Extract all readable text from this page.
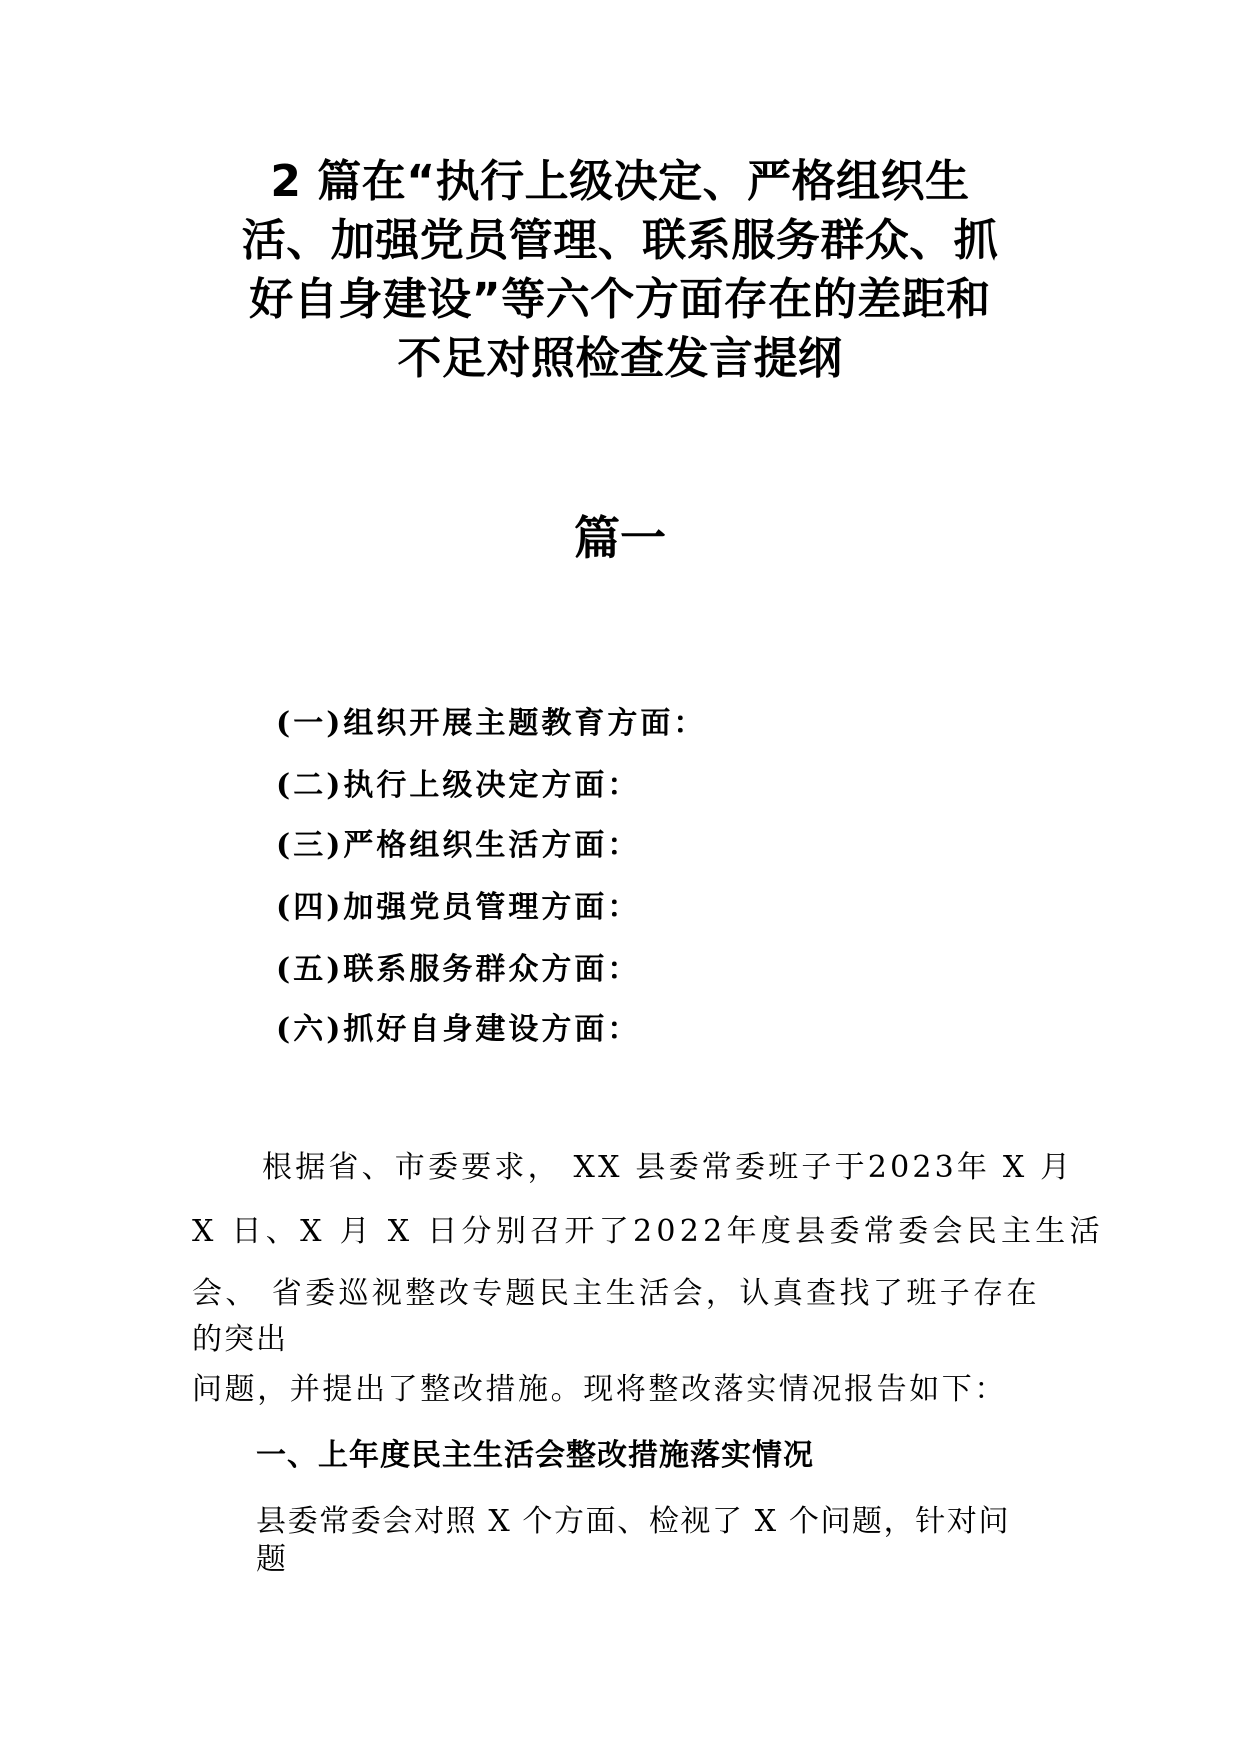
2 篇在“执行上级决定、严格组织生
活、加强党员管理、联系服务群众、抓
好自身建设”等六个方面存在的差距和
不足对照检查发言提纲
篇一
(一)组织开展主题教育方面：
(二)执行上级决定方面：
(三)严格组织生活方面：
(四)加强党员管理方面：
(五)联系服务群众方面：
(六)抓好自身建设方面：

根据省、市委要求， XX 县委常委班子于2023年 X 月

X 日、X 月 X 日分别召开了2022年度县委常委会民主生活

会、 省委巡视整改专题民主生活会，认真查找了班子存在

的突出

问题，并提出了整改措施。现将整改落实情况报告如下：

一、上年度民主生活会整改措施落实情况

县委常委会对照 X 个方面、检视了 X 个问题，针对问

题
